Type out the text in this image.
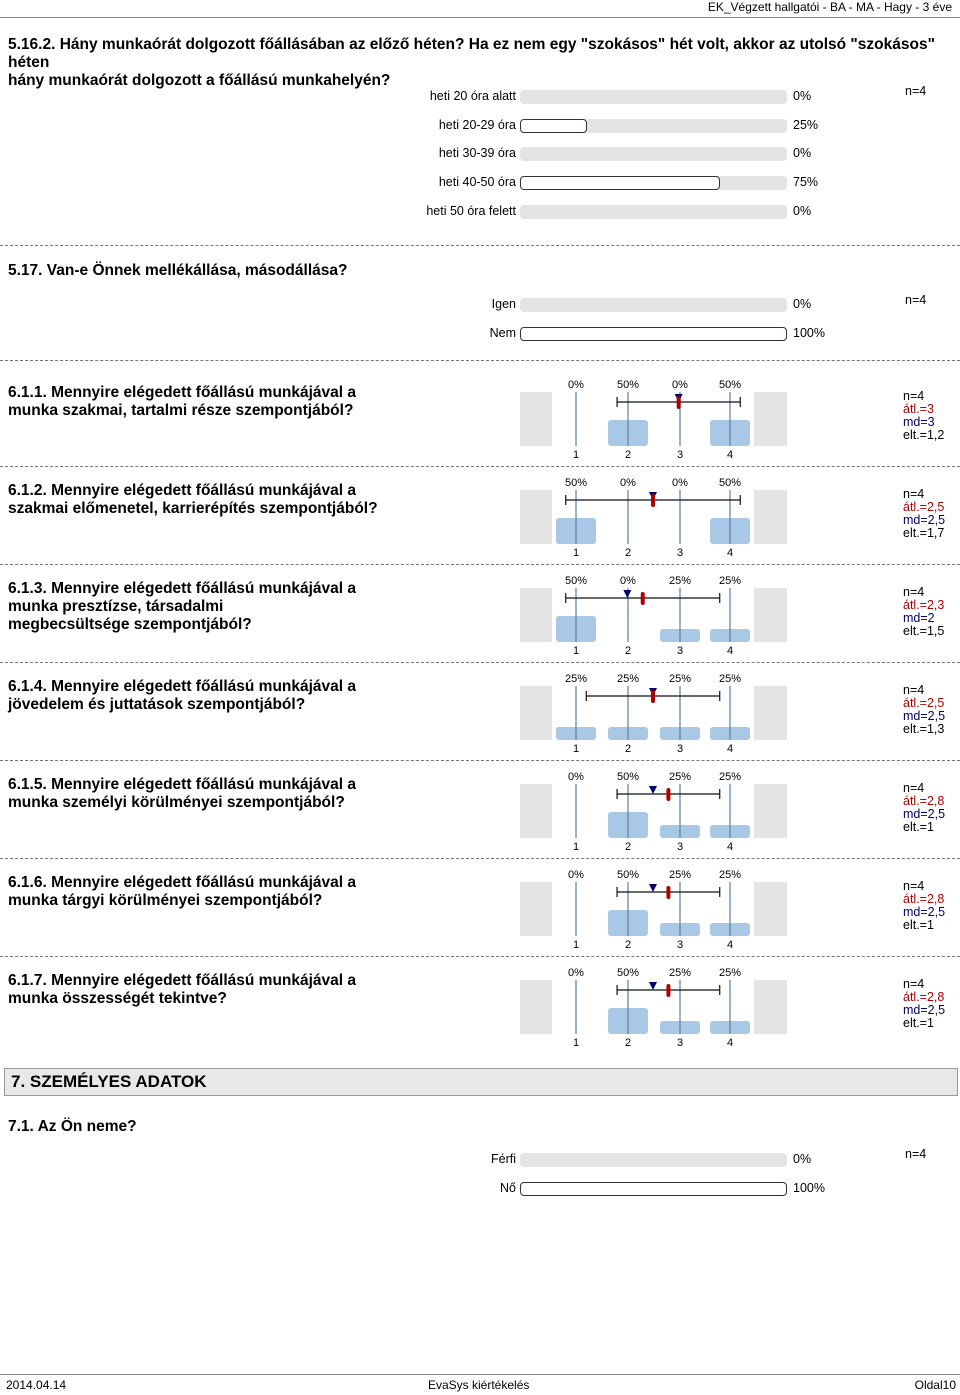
EK_Végzett hallgatói - BA - MA - Hagy - 3 éve
5.16.2. Hány munkaórát dolgozott főállásában az előző héten? Ha ez nem egy "szokásos" hét volt, akkor az utolsó "szokásos" héten
hány munkaórát dolgozott a főállású munkahelyén?
n=4
heti 20 óra alatt	0%
heti 20-29 óra	25%
heti 30-39 óra	0%
heti 40-50 óra	75%
heti 50 óra felett	0%
5.17. Van-e Önnek mellékállása, másodállása?
n=4
Igen	0%
Nem	100%
6.1.1. Mennyire elégedett főállású munkájával a
munka szakmai, tartalmi része szempontjából?
0%
1
50%
2
0%
3
50%
4
n=4
átl.=3
md=3
elt.=1,2
6.1.2. Mennyire elégedett főállású munkájával a
szakmai előmenetel, karrierépítés szempontjából?
50%
1
0%
2
0%
3
50%
4
n=4
átl.=2,5
md=2,5
elt.=1,7
6.1.3. Mennyire elégedett főállású munkájával a
munka presztízse, társadalmi
megbecsültsége szempontjából?
50%
1
0%
2
25%
3
25%
4
n=4
átl.=2,3
md=2
elt.=1,5
6.1.4. Mennyire elégedett főállású munkájával a
jövedelem és juttatások szempontjából?
25%
1
25%
2
25%
3
25%
4
n=4
átl.=2,5
md=2,5
elt.=1,3
6.1.5. Mennyire elégedett főállású munkájával a
munka személyi körülményei szempontjából?
0%
1
50%
2
25%
3
25%
4
n=4
átl.=2,8
md=2,5
elt.=1
6.1.6. Mennyire elégedett főállású munkájával a
munka tárgyi körülményei szempontjából?
0%
1
50%
2
25%
3
25%
4
n=4
átl.=2,8
md=2,5
elt.=1
6.1.7. Mennyire elégedett főállású munkájával a
munka összességét tekintve?
0%
1
50%
2
25%
3
25%
4
n=4
átl.=2,8
md=2,5
elt.=1
7. SZEMÉLYES ADATOK
7.1. Az Ön neme?
n=4
Férfi	0%
Nő	100%
2014.04.14	EvaSys kiértékelés	Oldal10
